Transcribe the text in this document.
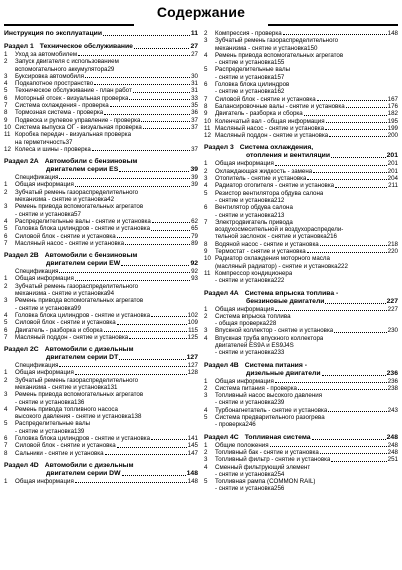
Содержание
Инструкция по эксплуатации	11
Раздел 1 Техническое обслуживание	27
1	Уход за автомобилем	27
2	Запуск двигателя с использованием
вспомогательного аккумулятора 29
3	Буксировка автомобиля	30
4	Подкапотное пространство	31
5	Техническое обслуживание - план работ	31
6	Моторный отсек - визуальная проверка	33
7	Система охлаждения - проверка	35
8	Тормозная система - проверка	36
9	Подвеска и рулевое управление - проверка	37
10 Система выпуска ОГ - визуальная проверка	37
11 Коробка передач - визуальная проверка
на герметичность 37
12 Колеса и шины - проверка	37
Раздел 2А Автомобили с бензиновым
двигателем серии ES	39
Спецификация	39
1	Общая информация	39
2	Зубчатый ремень газораспределительного
механизма - снятие и установка 42
3	Ремень привода вспомогательных агрегатов
- снятие и установка 57
4	Распределительные валы - снятие и установка	62
5	Головка блока цилиндров - снятие и установка	65
6	Силовой блок - снятие и установка	79
7	Масляный насос - снятие и установка	89
Раздел 2В Автомобили с бензиновым
двигателем серии EW	92
Спецификация	92
1	Общая информация	93
2	Зубчатый ремень газораспределительного
механизма - снятие и установка 94
3	Ремень привода вспомогательных агрегатов
- снятие и установка 99
4	Головка блока цилиндров - снятие и установка	102
5	Силовой блок - снятие и установка	109
6	Двигатель - разборка и сборка	115
7	Масляный поддон - снятие и установка	125
Раздел 2С Автомобили с дизельным
двигателем серии DT	127
Спецификация	127
1	Общая информация	128
2	Зубчатый ремень газораспределительного
механизма - снятие и установка 131
3	Ремень привода вспомогательных агрегатов
- снятие и установка 136
4	Ремень привода топливного насоса
высокого давления - снятие и установка 138
5	Распределительные валы
- снятие и установка 139
6	Головка блока цилиндров - снятие и установка	141
7	Силовой блок - снятие и установка	145
8	Сальники - снятие и установка	147
Раздел 4D Автомобили с дизельным
двигателем серии DW	148
1	Общая информация	148
2	Компрессия - проверка	148
3	Зубчатый ремень газораспределительного
механизма - снятие и установка 150
4	Ремень привода вспомогательных агрегатов
- снятие и установка 155
5	Распределительные валы
- снятие и установка 157
6	Головка блока цилиндров
- снятие и установка 162
7	Силовой блок - снятие и установка	167
8	Балансировочные валы - снятие и установка	176
9	Двигатель - разборка и сборка	182
10 Коленчатый вал - общая информация	195
11 Масляный насос - снятие и установка	199
12 Масляный поддон - снятие и установка	200
Раздел 3 Система охлаждения,
отопления и вентиляции	201
1	Общая информация	201
2	Охлаждающая жидкость - замена	201
3	Отопитель - снятие и установка	204
4	Радиатор отопителя - снятие и установка	211
5	Резистор вентилятора обдува салона
- снятие и установка 212
6	Вентилятор обдува салона
- снятие и установка 213
7	Электродвигатель привода
воздухосмесительной и воздухораспредели-
тельной заслонок - снятие и установка 216
8	Водяной насос - снятие и установка	218
9	Термостат - снятие и установка	220
10 Радиатор охлаждения моторного масла
(масляный радиатор) - снятие и установка 222
11 Компрессор кондиционера
- снятие и установка 222
Раздел 4А Система впрыска топлива -
бензиновые двигатели	227
1	Общая информация	227
2	Система впрыска топлива
- общая проверка 228
3	Впускной коллектор - снятие и установка	230
4	Впускная труба впускного коллектора
двигателей ES9A и ES9J4S
- снятие и установка 233
Раздел 4В Система питания -
дизельные двигатели	236
1	Общая информация	236
2	Система питания - проверка	238
3	Топливный насос высокого давления
- снятие и установка 239
4	Турбонагнетатель - снятие и установка	243
5	Система предварительного разогрева
- проверка 246
Раздел 4С Топливная система	248
1	Общие положения	248
2	Топливный бак - снятие и установка	248
3	Топливный фильтр - снятие и установка	251
4	Сменный фильтрующий элемент
- снятие и установка 254
5	Топливная рампа (COMMON RAIL)
- снятие и установка 256
